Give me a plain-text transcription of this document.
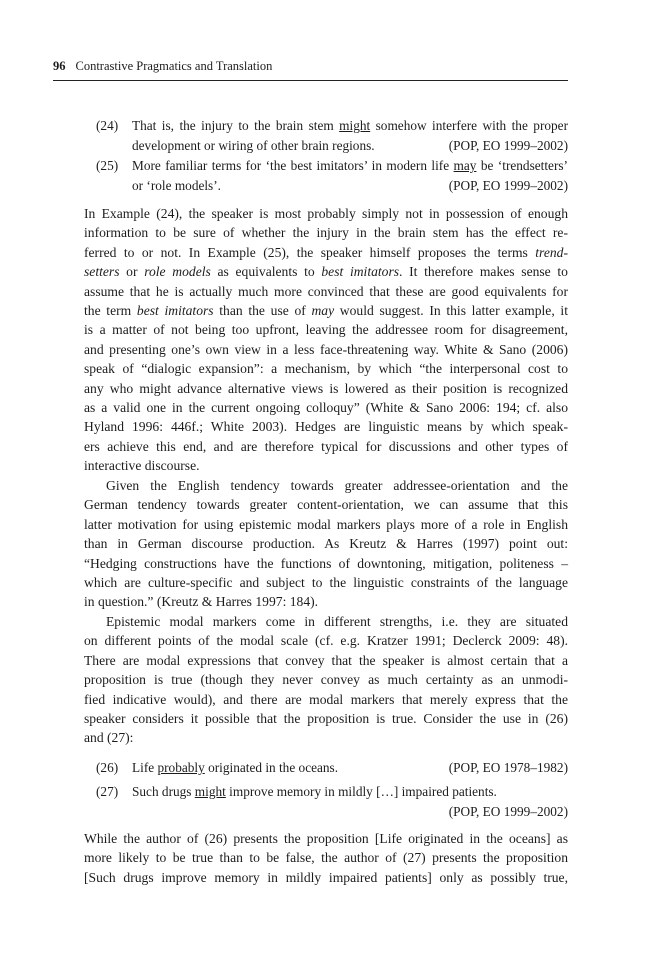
96 Contrastive Pragmatics and Translation
(24) That is, the injury to the brain stem might somehow interfere with the proper
development or wiring of other brain regions.	(POP, EO 1999–2002)
(25) More familiar terms for ‘the best imitators’ in modern life may be ‘trendsetters’
or ‘role models’.	(POP, EO 1999–2002)
In Example (24), the speaker is most probably simply not in possession of enough
information to be sure of whether the injury in the brain stem has the effect re-
ferred to or not. In Example (25), the speaker himself proposes the terms trend-
setters or role models as equivalents to best imitators. It therefore makes sense to
assume that he is actually much more convinced that these are good equivalents for
the term best imitators than the use of may would suggest. In this latter example, it
is a matter of not being too upfront, leaving the addressee room for disagreement,
and presenting one’s own view in a less face-threatening way. White & Sano (2006)
speak of “dialogic expansion”: a mechanism, by which “the interpersonal cost to
any who might advance alternative views is lowered as their position is recognized
as a valid one in the current ongoing colloquy” (White & Sano 2006: 194; cf. also
Hyland 1996: 446f.; White 2003). Hedges are linguistic means by which speak-
ers achieve this end, and are therefore typical for discussions and other types of
interactive discourse.
Given the English tendency towards greater addressee-orientation and the
German tendency towards greater content-orientation, we can assume that this
latter motivation for using epistemic modal markers plays more of a role in English
than in German discourse production. As Kreutz & Harres (1997) point out:
“Hedging constructions have the functions of downtoning, mitigation, politeness –
which are culture-specific and subject to the linguistic constraints of the language
in question.” (Kreutz & Harres 1997: 184).
Epistemic modal markers come in different strengths, i.e. they are situated
on different points of the modal scale (cf. e.g. Kratzer 1991; Declerck 2009: 48).
There are modal expressions that convey that the speaker is almost certain that a
proposition is true (though they never convey as much certainty as an unmodi-
fied indicative would), and there are modal markers that merely express that the
speaker considers it possible that the proposition is true. Consider the use in (26)
and (27):
(26) Life probably originated in the oceans.	(POP, EO 1978–1982)
(27) Such drugs might improve memory in mildly […] impaired patients.
(POP, EO 1999–2002)
While the author of (26) presents the proposition [Life originated in the oceans] as
more likely to be true than to be false, the author of (27) presents the proposition
[Such drugs improve memory in mildly impaired patients] only as possibly true,
